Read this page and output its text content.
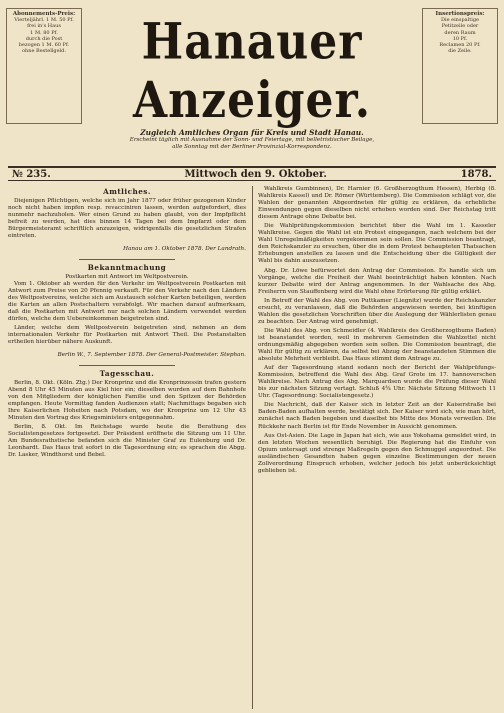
Abonnements-Preis:
Vierteljährl. 1 M. 50 Pf.
frei in's Haus
1 M. 80 Pf.
durch die Post
bezogen 1 M. 60 Pf.
ohne Bestellgeld.
Insertionspreis:
Die einspaltige
Petitzeile oder
deren Raum
10 Pf.
Reclamen 20 Pf.
die Zeile.
Hanauer Anzeiger.
Zugleich Amtliches Organ für Kreis und Stadt Hanau.
Erscheint täglich mit Ausnahme der Sonn- und Feiertage, mit belletristischer Beilage,
alle Sonntag mit der Berliner Provinzial-Korrespondenz.
№ 235.	Mittwoch den 9. Oktober.	1878.
Amtliches.

Diejenigen Pflichtigen, welche sich im Jahr 1877 oder früher gezogenen Kinder noch nicht haben impfen resp. revacciniren lassen, werden aufgefordert, dies nunmehr nachzuholen. Wer einen Grund zu haben glaubt, von der Impfpflicht befreit zu werden, hat dies binnen 14 Tagen bei dem Impfarzt oder dem Bürgermeisteramt schriftlich anzuzeigen, widrigenfalls die gesetzlichen Strafen eintreten.

Hanau am 1. Oktober 1878. Der Landrath.

Bekanntmachung
Postkarten mit Antwort im Weltpostverein.

Vom 1. Oktober ab werden für den Verkehr im Weltpostverein Postkarten mit Antwort zum Preise von 20 Pfennig verkauft. Für den Verkehr nach den Ländern des Weltpostvereins, welche sich am Austausch solcher Karten beteiligen, werden die Karten an allen Postschaltern verabfolgt. Wir machen darauf aufmerksam, daß die Postkarten mit Antwort nur nach solchen Ländern verwendet werden dürfen, welche dem Uebereinkommen beigetreten sind.

Länder, welche dem Weltpostverein beigetreten sind, nehmen an dem internationalen Verkehr für Postkarten mit Antwort Theil. Die Postanstalten ertheilen hierüber nähere Auskunft.

Berlin W., 7. September 1878. Der General-Postmeister. Stephan.

Tagesschau.

Berlin, 8. Okt. (Köln. Ztg.) Der Kronprinz und die Kronprinzessin trafen gestern Abend 8 Uhr 45 Minuten aus Kiel hier ein; dieselben wurden auf dem Bahnhofe von den Mitgliedern der königlichen Familie und den Spitzen der Behörden empfangen. Heute Vormittag fanden Audienzen statt; Nachmittags begaben sich Ihre Kaiserlichen Hoheiten nach Potsdam, wo der Kronprinz um 12 Uhr 43 Minuten den Vortrag des Kriegsministers entgegennahm.

Berlin, 8. Okt. Im Reichstage wurde heute die Berathung des Socialistengesetzes fortgesetzt. Der Präsident eröffnete die Sitzung um 11 Uhr. Am Bundesrathstische befanden sich die Minister Graf zu Eulenburg und Dr. Leonhardt. Das Haus trat sofort in die Tagesordnung ein; es sprachen die Abgg. Dr. Lasker, Windthorst und Bebel.

Wahlkreis Gumbinnen), Dr. Harnier (6. Großherzogthum Hessen), Herbig (8. Wahlkreis Kassel) und Dr. Römer (Württemberg). Die Commission schlägt vor, die Wahlen der genannten Abgeordneten für gültig zu erklären, da erhebliche Einwendungen gegen dieselben nicht erhoben worden sind. Der Reichstag tritt diesem Antrage ohne Debatte bei.

Die Wahlprüfungskommission berichtet über die Wahl im 1. Kasseler Wahlkreise. Gegen die Wahl ist ein Protest eingegangen, nach welchem bei der Wahl Unregelmäßigkeiten vorgekommen sein sollen. Die Commission beantragt, den Reichskanzler zu ersuchen, über die in dem Protest behaupteten Thatsachen Erhebungen anstellen zu lassen und die Entscheidung über die Gültigkeit der Wahl bis dahin auszusetzen.

Abg. Dr. Löwe befürwortet den Antrag der Commission. Es handle sich um Vorgänge, welche die Freiheit der Wahl beeinträchtigt haben könnten. Nach kurzer Debatte wird der Antrag angenommen. In der Wahlsache des Abg. Freiherrn von Stauffenberg wird die Wahl ohne Erörterung für gültig erklärt.

In Betreff der Wahl des Abg. von Puttkamer (Liegnitz) wurde der Reichskanzler ersucht, zu veranlassen, daß die Behörden angewiesen werden, bei künftigen Wahlen die gesetzlichen Vorschriften über die Auslegung der Wählerlisten genau zu beachten. Der Antrag wird genehmigt.

Die Wahl des Abg. von Schmeidler (4. Wahlkreis des Großherzogthums Baden) ist beanstandet worden, weil in mehreren Gemeinden die Wahlzettel nicht ordnungsmäßig abgegeben worden sein sollen. Die Commission beantragt, die Wahl für gültig zu erklären, da selbst bei Abzug der beanstandeten Stimmen die absolute Mehrheit verbleibt. Das Haus stimmt dem Antrage zu.

Auf der Tagesordnung stand sodann noch der Bericht der Wahlprüfungs-Kommission, betreffend die Wahl des Abg. Graf Grote im 17. hannoverschen Wahlkreise. Nach Antrag des Abg. Marquardsen wurde die Prüfung dieser Wahl bis zur nächsten Sitzung vertagt. Schluß 4¾ Uhr. Nächste Sitzung Mittwoch 11 Uhr. (Tagesordnung: Socialistengesetz.)

Die Nachricht, daß der Kaiser sich in letzter Zeit an der Kaiserstraße bei Baden-Baden aufhalten werde, bestätigt sich. Der Kaiser wird sich, wie man hört, zunächst nach Baden begeben und daselbst bis Mitte des Monats verweilen. Die Rückkehr nach Berlin ist für Ende November in Aussicht genommen.

Aus Ost-Asien. Die Lage in Japan hat sich, wie aus Yokohama gemeldet wird, in den letzten Wochen wesentlich beruhigt. Die Regierung hat die Einfuhr von Opium untersagt und strenge Maßregeln gegen den Schmuggel angeordnet. Die ausländischen Gesandten haben gegen einzelne Bestimmungen der neuen Zollverordnung Einspruch erhoben, welcher jedoch bis jetzt unberücksichtigt geblieben ist.
